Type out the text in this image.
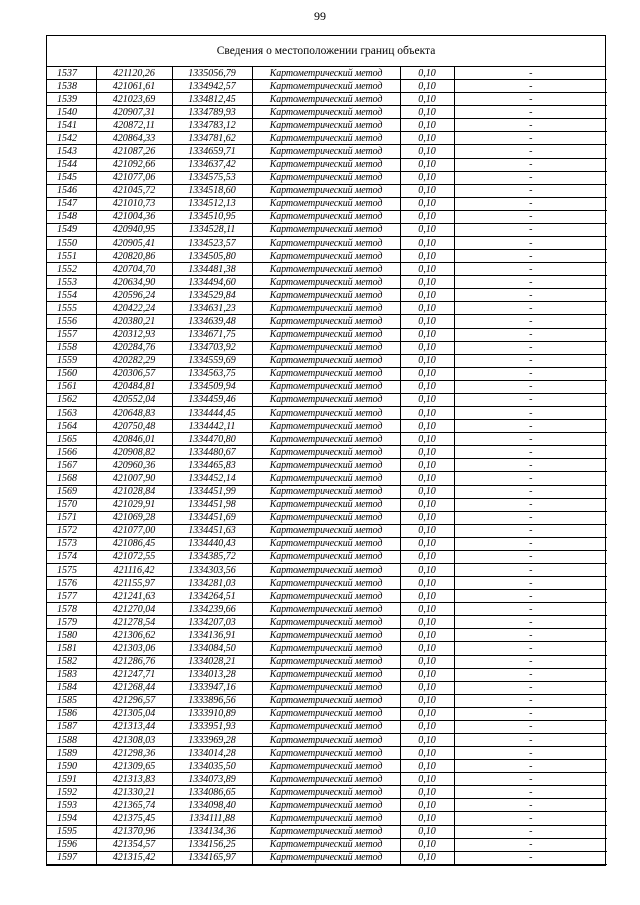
99
Сведения о местоположении границ объекта
1537	421120,26	1335056,79	Картометрический метод	0,10	-
1538	421061,61	1334942,57	Картометрический метод	0,10	-
1539	421023,69	1334812,45	Картометрический метод	0,10	-
1540	420907,31	1334789,93	Картометрический метод	0,10	-
1541	420872,11	1334783,12	Картометрический метод	0,10	-
1542	420864,33	1334781,62	Картометрический метод	0,10	-
1543	421087,26	1334659,71	Картометрический метод	0,10	-
1544	421092,66	1334637,42	Картометрический метод	0,10	-
1545	421077,06	1334575,53	Картометрический метод	0,10	-
1546	421045,72	1334518,60	Картометрический метод	0,10	-
1547	421010,73	1334512,13	Картометрический метод	0,10	-
1548	421004,36	1334510,95	Картометрический метод	0,10	-
1549	420940,95	1334528,11	Картометрический метод	0,10	-
1550	420905,41	1334523,57	Картометрический метод	0,10	-
1551	420820,86	1334505,80	Картометрический метод	0,10	-
1552	420704,70	1334481,38	Картометрический метод	0,10	-
1553	420634,90	1334494,60	Картометрический метод	0,10	-
1554	420596,24	1334529,84	Картометрический метод	0,10	-
1555	420422,24	1334631,23	Картометрический метод	0,10	-
1556	420380,21	1334639,48	Картометрический метод	0,10	-
1557	420312,93	1334671,75	Картометрический метод	0,10	-
1558	420284,76	1334703,92	Картометрический метод	0,10	-
1559	420282,29	1334559,69	Картометрический метод	0,10	-
1560	420306,57	1334563,75	Картометрический метод	0,10	-
1561	420484,81	1334509,94	Картометрический метод	0,10	-
1562	420552,04	1334459,46	Картометрический метод	0,10	-
1563	420648,83	1334444,45	Картометрический метод	0,10	-
1564	420750,48	1334442,11	Картометрический метод	0,10	-
1565	420846,01	1334470,80	Картометрический метод	0,10	-
1566	420908,82	1334480,67	Картометрический метод	0,10	-
1567	420960,36	1334465,83	Картометрический метод	0,10	-
1568	421007,90	1334452,14	Картометрический метод	0,10	-
1569	421028,84	1334451,99	Картометрический метод	0,10	-
1570	421029,91	1334451,98	Картометрический метод	0,10	-
1571	421069,28	1334451,69	Картометрический метод	0,10	-
1572	421077,00	1334451,63	Картометрический метод	0,10	-
1573	421086,45	1334440,43	Картометрический метод	0,10	-
1574	421072,55	1334385,72	Картометрический метод	0,10	-
1575	421116,42	1334303,56	Картометрический метод	0,10	-
1576	421155,97	1334281,03	Картометрический метод	0,10	-
1577	421241,63	1334264,51	Картометрический метод	0,10	-
1578	421270,04	1334239,66	Картометрический метод	0,10	-
1579	421278,54	1334207,03	Картометрический метод	0,10	-
1580	421306,62	1334136,91	Картометрический метод	0,10	-
1581	421303,06	1334084,50	Картометрический метод	0,10	-
1582	421286,76	1334028,21	Картометрический метод	0,10	-
1583	421247,71	1334013,28	Картометрический метод	0,10	-
1584	421268,44	1333947,16	Картометрический метод	0,10	-
1585	421296,57	1333896,56	Картометрический метод	0,10	-
1586	421305,04	1333910,89	Картометрический метод	0,10	-
1587	421313,44	1333951,93	Картометрический метод	0,10	-
1588	421308,03	1333969,28	Картометрический метод	0,10	-
1589	421298,36	1334014,28	Картометрический метод	0,10	-
1590	421309,65	1334035,50	Картометрический метод	0,10	-
1591	421313,83	1334073,89	Картометрический метод	0,10	-
1592	421330,21	1334086,65	Картометрический метод	0,10	-
1593	421365,74	1334098,40	Картометрический метод	0,10	-
1594	421375,45	1334111,88	Картометрический метод	0,10	-
1595	421370,96	1334134,36	Картометрический метод	0,10	-
1596	421354,57	1334156,25	Картометрический метод	0,10	-
1597	421315,42	1334165,97	Картометрический метод	0,10	-
